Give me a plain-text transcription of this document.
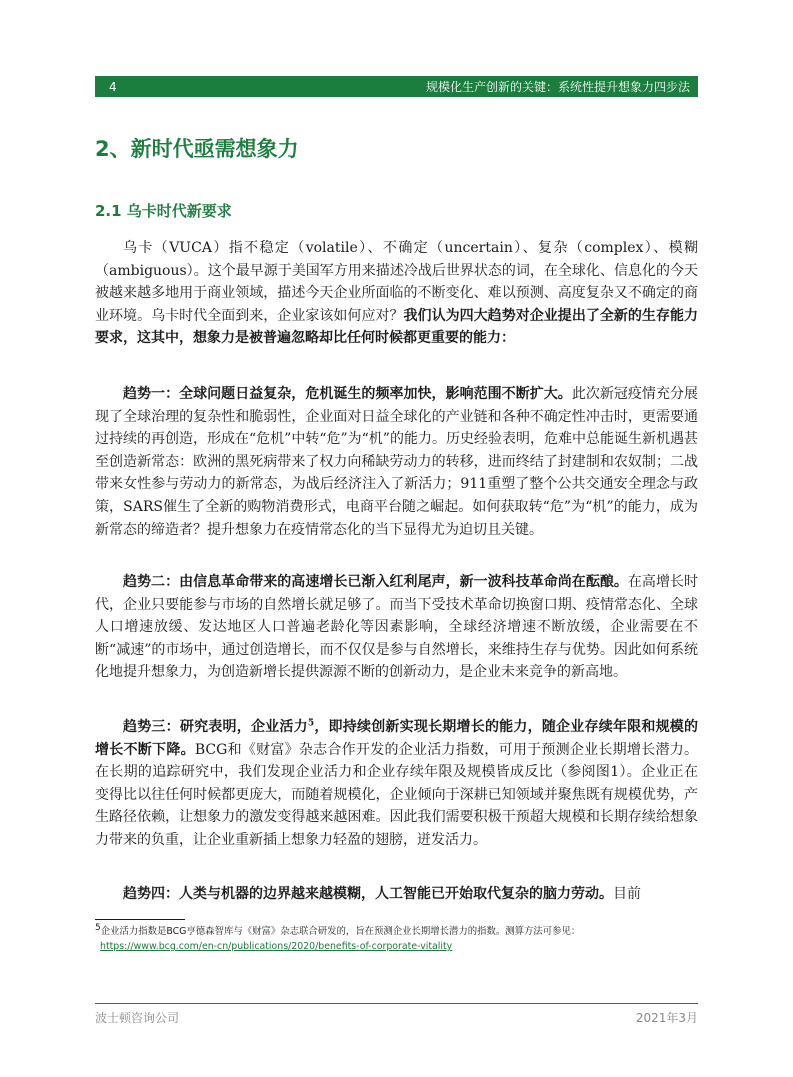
4	规模化生产创新的关键：系统性提升想象力四步法
2、新时代亟需想象力
2.1 乌卡时代新要求

乌卡（VUCA）指不稳定（volatile）、不确定（uncertain）、复杂（complex）、模糊（ambiguous）。这个最早源于美国军方用来描述冷战后世界状态的词，在全球化、信息化的今天被越来越多地用于商业领域，描述今天企业所面临的不断变化、难以预测、高度复杂又不确定的商业环境。乌卡时代全面到来，企业家该如何应对？我们认为四大趋势对企业提出了全新的生存能力要求，这其中，想象力是被普遍忽略却比任何时候都更重要的能力：

趋势一：全球问题日益复杂，危机诞生的频率加快，影响范围不断扩大。此次新冠疫情充分展现了全球治理的复杂性和脆弱性，企业面对日益全球化的产业链和各种不确定性冲击时，更需要通过持续的再创造，形成在“危机”中转“危”为“机”的能力。历史经验表明，危难中总能诞生新机遇甚至创造新常态：欧洲的黑死病带来了权力向稀缺劳动力的转移，进而终结了封建制和农奴制；二战带来女性参与劳动力的新常态，为战后经济注入了新活力；911重塑了整个公共交通安全理念与政策，SARS催生了全新的购物消费形式，电商平台随之崛起。如何获取转“危”为“机”的能力，成为新常态的缔造者？提升想象力在疫情常态化的当下显得尤为迫切且关键。

趋势二：由信息革命带来的高速增长已渐入红利尾声，新一波科技革命尚在酝酿。在高增长时代，企业只要能参与市场的自然增长就足够了。而当下受技术革命切换窗口期、疫情常态化、全球人口增速放缓、发达地区人口普遍老龄化等因素影响，全球经济增速不断放缓，企业需要在不断“减速”的市场中，通过创造增长，而不仅仅是参与自然增长，来维持生存与优势。因此如何系统化地提升想象力，为创造新增长提供源源不断的创新动力，是企业未来竞争的新高地。

趋势三：研究表明，企业活力$^5$，即持续创新实现长期增长的能力，随企业存续年限和规模的增长不断下降。BCG和《财富》杂志合作开发的企业活力指数，可用于预测企业长期增长潜力。在长期的追踪研究中，我们发现企业活力和企业存续年限及规模皆成反比（参阅图1）。企业正在变得比以往任何时候都更庞大，而随着规模化，企业倾向于深耕已知领域并聚焦既有规模优势，产生路径依赖，让想象力的激发变得越来越困难。因此我们需要积极干预超大规模和长期存续给想象力带来的负重，让企业重新插上想象力轻盈的翅膀，迸发活力。

趋势四：人类与机器的边界越来越模糊，人工智能已开始取代复杂的脑力劳动。目前

$^5$企业活力指数是BCG亨德森智库与《财富》杂志联合研发的，旨在预测企业长期增长潜力的指数。测算方法可参见：
https://www.bcg.com/en-cn/publications/2020/benefits-of-corporate-vitality
波士顿咨询公司	2021年3月
